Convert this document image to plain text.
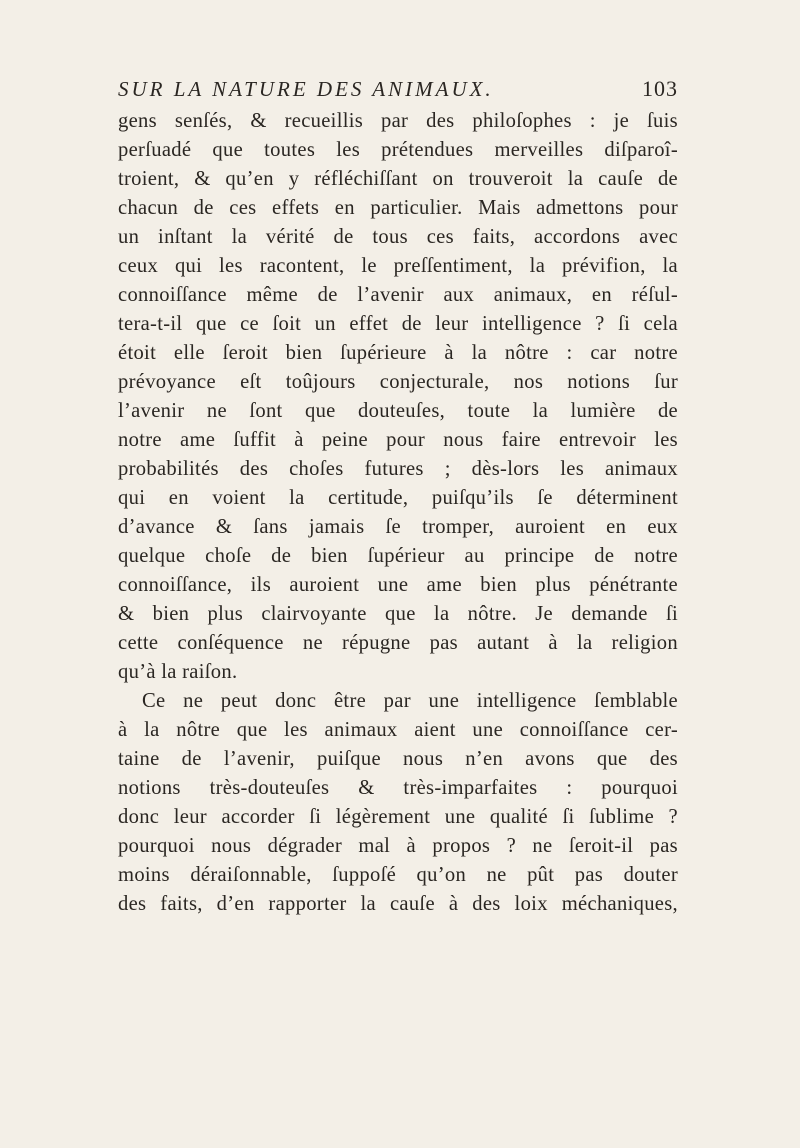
SUR LA NATURE DES ANIMAUX.	103
gens senſés, & recueillis par des philoſophes : je ſuis
perſuadé que toutes les prétendues merveilles diſparoî-
troient, & qu’en y réfléchiſſant on trouveroit la cauſe de
chacun de ces effets en particulier. Mais admettons pour
un inſtant la vérité de tous ces faits, accordons avec
ceux qui les racontent, le preſſentiment, la prévifion, la
connoiſſance même de l’avenir aux animaux, en réſul-
tera-t-il que ce ſoit un effet de leur intelligence ? ſi cela
étoit elle ſeroit bien ſupérieure à la nôtre : car notre
prévoyance eſt toûjours conjecturale, nos notions ſur
l’avenir ne ſont que douteuſes, toute la lumière de
notre ame ſuffit à peine pour nous faire entrevoir les
probabilités des choſes futures ; dès-lors les animaux
qui en voient la certitude, puiſqu’ils ſe déterminent
d’avance & ſans jamais ſe tromper, auroient en eux
quelque choſe de bien ſupérieur au principe de notre
connoiſſance, ils auroient une ame bien plus pénétrante
& bien plus clairvoyante que la nôtre. Je demande ſi
cette conſéquence ne répugne pas autant à la religion
qu’à la raiſon.
Ce ne peut donc être par une intelligence ſemblable
à la nôtre que les animaux aient une connoiſſance cer-
taine de l’avenir, puiſque nous n’en avons que des
notions très-douteuſes & très-imparfaites : pourquoi
donc leur accorder ſi légèrement une qualité ſi ſublime ?
pourquoi nous dégrader mal à propos ? ne ſeroit-il pas
moins déraiſonnable, ſuppoſé qu’on ne pût pas douter
des faits, d’en rapporter la cauſe à des loix méchaniques,
